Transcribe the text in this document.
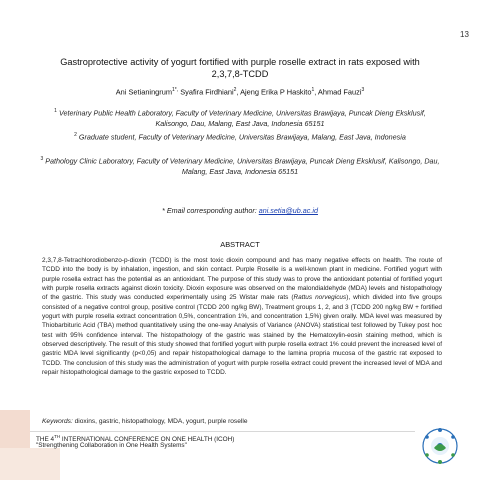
13
Gastroprotective activity of yogurt fortified with purple roselle extract in rats exposed with
2,3,7,8-TCDD
Ani Setianingrum$^{1*,}$ Syafira Firdhiani$^2$, Ajeng Erika P Haskito$^1$, Ahmad Fauzi$^3$
$^1$ Veterinary Public Health Laboratory, Faculty of Veterinary Medicine, Universitas Brawijaya, Puncak Dieng Eksklusif, Kalisongo, Dau, Malang, East Java, Indonesia 65151
$^2$ Graduate student, Faculty of Veterinary Medicine, Universitas Brawijaya, Malang, East Java, Indonesia
$^3$ Pathology Clinic Laboratory, Faculty of Veterinary Medicine, Universitas Brawijaya, Puncak Dieng Eksklusif, Kalisongo, Dau, Malang, East Java, Indonesia 65151
* Email corresponding author: ani.setia@ub.ac.id
ABSTRACT
2,3,7,8-Tetrachlorodiobenzo-p-dioxin (TCDD) is the most toxic dioxin compound and has many negative effects on health. The route of TCDD into the body is by inhalation, ingestion, and skin contact. Purple Roselle is a well-known plant in medicine. Fortified yogurt with purple rosella extract has the potential as an antioxidant. The purpose of this study was to prove the antioxidant potential of fortified yogurt with purple rosella extracts against dioxin toxicity. Dioxin exposure was observed on the malondialdehyde (MDA) levels and histopathology of the gastric. This study was conducted experimentally using 25 Wistar male rats (Rattus norvegicus), which divided into five groups consisted of a negative control group, positive control (TCDD 200 ng/kg BW), Treatment groups 1, 2, and 3 (TCDD 200 ng/kg BW + fortified yogurt with purple rosella extract concentration 0,5%, concentration 1%, and concentration 1,5%) given orally. MDA level was measured by Thiobarbituric Acid (TBA) method quantitatively using the one-way Analysis of Variance (ANOVA) statistical test followed by Tukey post hoc test with 95% confidence interval. The histopathology of the gastric was stained by the Hematoxylin-eosin staining method, which is observed descriptively. The result of this study showed that fortified yogurt with purple rosella extract 1% could prevent the increased level of gastric MDA level significantly (p<0,05) and repair histopathological damage to the lamina propria mucosa of the gastric rat exposed to TCDD. The conclusion of this study was the administration of yogurt with purple rosella extract could prevent the increased level of MDA and repair histopathological damage to the gastric exposed to TCDD.
Keywords: dioxins, gastric, histopathology, MDA, yogurt, purple roselle
THE 4TH INTERNATIONAL CONFERENCE ON ONE HEALTH (ICOH)
"Strengthening Collaboration in One Health Systems"
